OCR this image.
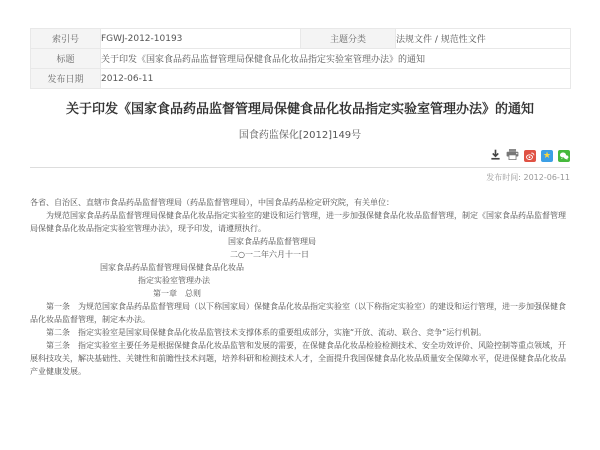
索引号	FGWJ-2012-10193	主题分类	法规文件 / 规范性文件
标题	关于印发《国家食品药品监督管理局保健食品化妆品指定实验室管理办法》的通知		
发布日期	2012-06-11		
关于印发《国家食品药品监督管理局保健食品化妆品指定实验室管理办法》的通知
国食药监保化[2012]149号
★
发布时间: 2012-06-11

各省、自治区、直辖市食品药品监督管理局（药品监督管理局），中国食品药品检定研究院，有关单位：

为规范国家食品药品监督管理局保健食品化妆品指定实验室的建设和运行管理，进一步加强保健食品化妆品监督管理，制定《国家食品药品监督管理局保健食品化妆品指定实验室管理办法》，现予印发，请遵照执行。

国家食品药品监督管理局

二○一二年六月十一日

国家食品药品监督管理局保健食品化妆品

指定实验室管理办法

第一章　总则

第一条　为规范国家食品药品监督管理局（以下称国家局）保健食品化妆品指定实验室（以下称指定实验室）的建设和运行管理，进一步加强保健食品化妆品监督管理，制定本办法。

第二条　指定实验室是国家局保健食品化妆品监管技术支撑体系的重要组成部分，实施“开放、流动、联合、竞争”运行机制。

第三条　指定实验室主要任务是根据保健食品化妆品监管和发展的需要，在保健食品化妆品检验检测技术、安全功效评价、风险控制等重点领域，开展科技攻关，解决基础性、关键性和前瞻性技术问题，培养科研和检测技术人才，全面提升我国保健食品化妆品质量安全保障水平，促进保健食品化妆品产业健康发展。
